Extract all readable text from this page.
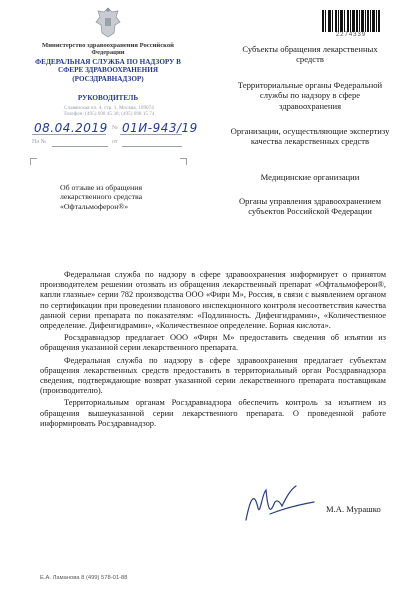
Министерство здравоохранения Российской Федерации
ФЕДЕРАЛЬНАЯ СЛУЖБА ПО НАДЗОРУ В СФЕРЕ ЗДРАВООХРАНЕНИЯ (РОСЗДРАВНАДЗОР)
РУКОВОДИТЕЛЬ
Славянская пл. 4, стр. 1, Москва, 109074
Телефон: (495) 698 45 38; (495) 698 15 74
08.04.2019 № 01И-943/19
На №	от
Об отзыве из обращения лекарственного средства «Офтальмоферон®»
2274339
Субъекты обращения лекарственных средств
Территориальные органы Федеральной службы по надзору в сфере здравоохранения
Организации, осуществляющие экспертизу качества лекарственных средств
Медицинские организации
Органы управления здравоохранением субъектов Российской Федерации

Федеральная служба по надзору в сфере здравоохранения информирует о принятом производителем решении отозвать из обращения лекарственный препарат «Офтальмоферон®, капли глазные» серии 782 производства ООО «Фирн М», Россия, в связи с выявлением органом по сертификации при проведении планового инспекционного контроля несоответствия качества данной серии препарата по показателям: «Подлинность. Дифенгидрамин», «Количественное определение. Дифенгидрамин», «Количественное определение. Борная кислота».

Росздравнадзор предлагает ООО «Фирн М» предоставить сведения об изъятии из обращения указанной серии лекарственного препарата.

Федеральная служба по надзору в сфере здравоохранения предлагает субъектам обращения лекарственных средств предоставить в территориальный орган Росздравнадзора сведения, подтверждающие возврат указанной серии лекарственного препарата поставщикам (производителю).

Территориальным органам Росздравнадзора обеспечить контроль за изъятием из обращения вышеуказанной серии лекарственного препарата. О проведенной работе информировать Росздравнадзор.

М.А. Мурашко
Е.А. Ламанова 8 (499) 578-01-88
